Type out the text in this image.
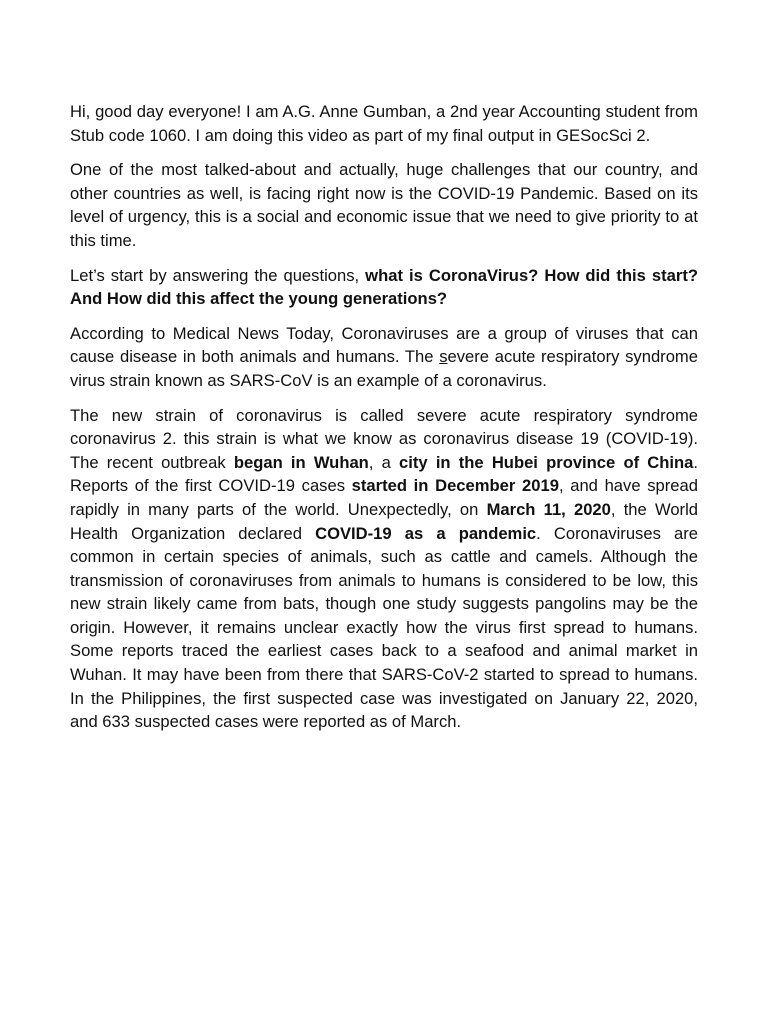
Hi, good day everyone! I am A.G. Anne Gumban, a 2nd year Accounting student from Stub code 1060. I am doing this video as part of my final output in GESocSci 2.

One of the most talked-about and actually, huge challenges that our country, and other countries as well, is facing right now is the COVID-19 Pandemic. Based on its level of urgency, this is a social and economic issue that we need to give priority to at this time.

Let’s start by answering the questions, what is CoronaVirus? How did this start? And How did this affect the young generations?

According to Medical News Today, Coronaviruses are a group of viruses that can cause disease in both animals and humans. The severe acute respiratory syndrome virus strain known as SARS-CoV is an example of a coronavirus.

The new strain of coronavirus is called severe acute respiratory syndrome coronavirus 2. this strain is what we know as coronavirus disease 19 (COVID-19). The recent outbreak began in Wuhan, a city in the Hubei province of China. Reports of the first COVID-19 cases started in December 2019, and have spread rapidly in many parts of the world. Unexpectedly, on March 11, 2020, the World Health Organization declared COVID-19 as a pandemic. Coronaviruses are common in certain species of animals, such as cattle and camels. Although the transmission of coronaviruses from animals to humans is considered to be low, this new strain likely came from bats, though one study suggests pangolins may be the origin. However, it remains unclear exactly how the virus first spread to humans. Some reports traced the earliest cases back to a seafood and animal market in Wuhan. It may have been from there that SARS-CoV-2 started to spread to humans. In the Philippines, the first suspected case was investigated on January 22, 2020, and 633 suspected cases were reported as of March.
